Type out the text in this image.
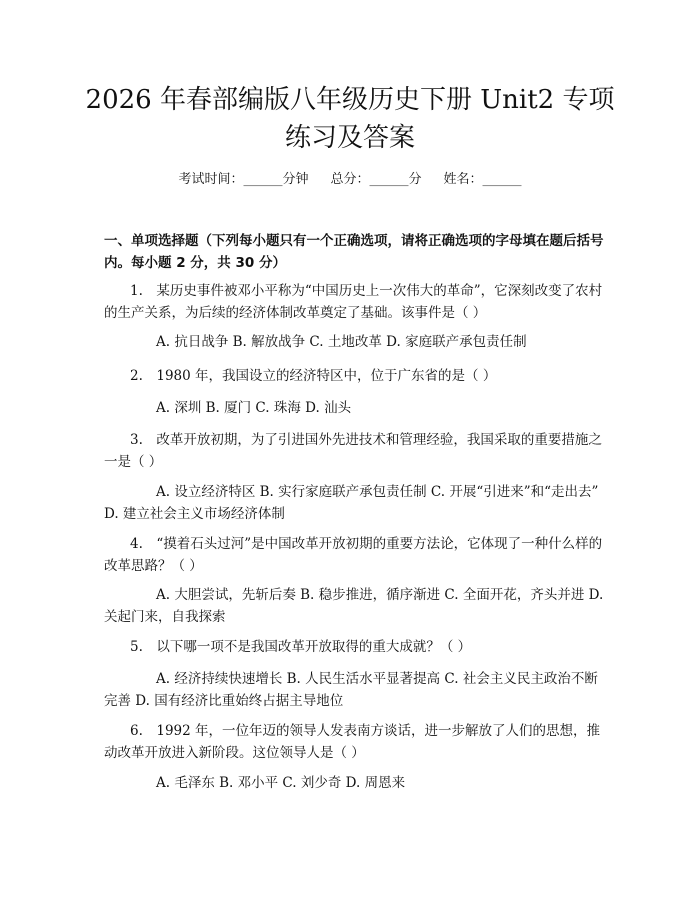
2026 年春部编版八年级历史下册 Unit2 专项
练习及答案
考试时间：______分钟 总分：______分 姓名：______
一、单项选择题（下列每小题只有一个正确选项，请将正确选项的字母填在题后括号内。每小题 2 分，共 30 分）
1.　某历史事件被邓小平称为“中国历史上一次伟大的革命”，它深刻改变了农村的生产关系，为后续的经济体制改革奠定了基础。该事件是（ ）
A. 抗日战争 B. 解放战争 C. 土地改革 D. 家庭联产承包责任制
2.　1980 年，我国设立的经济特区中，位于广东省的是（ ）
A. 深圳 B. 厦门 C. 珠海 D. 汕头
3.　改革开放初期，为了引进国外先进技术和管理经验，我国采取的重要措施之一是（ ）
A. 设立经济特区 B. 实行家庭联产承包责任制 C. 开展“引进来”和“走出去” D. 建立社会主义市场经济体制
4.　“摸着石头过河”是中国改革开放初期的重要方法论，它体现了一种什么样的改革思路？（ ）
A. 大胆尝试，先斩后奏 B. 稳步推进，循序渐进 C. 全面开花，齐头并进 D. 关起门来，自我探索
5.　以下哪一项不是我国改革开放取得的重大成就？（ ）
A. 经济持续快速增长 B. 人民生活水平显著提高 C. 社会主义民主政治不断完善 D. 国有经济比重始终占据主导地位
6.　1992 年，一位年迈的领导人发表南方谈话，进一步解放了人们的思想，推动改革开放进入新阶段。这位领导人是（ ）
A. 毛泽东 B. 邓小平 C. 刘少奇 D. 周恩来
